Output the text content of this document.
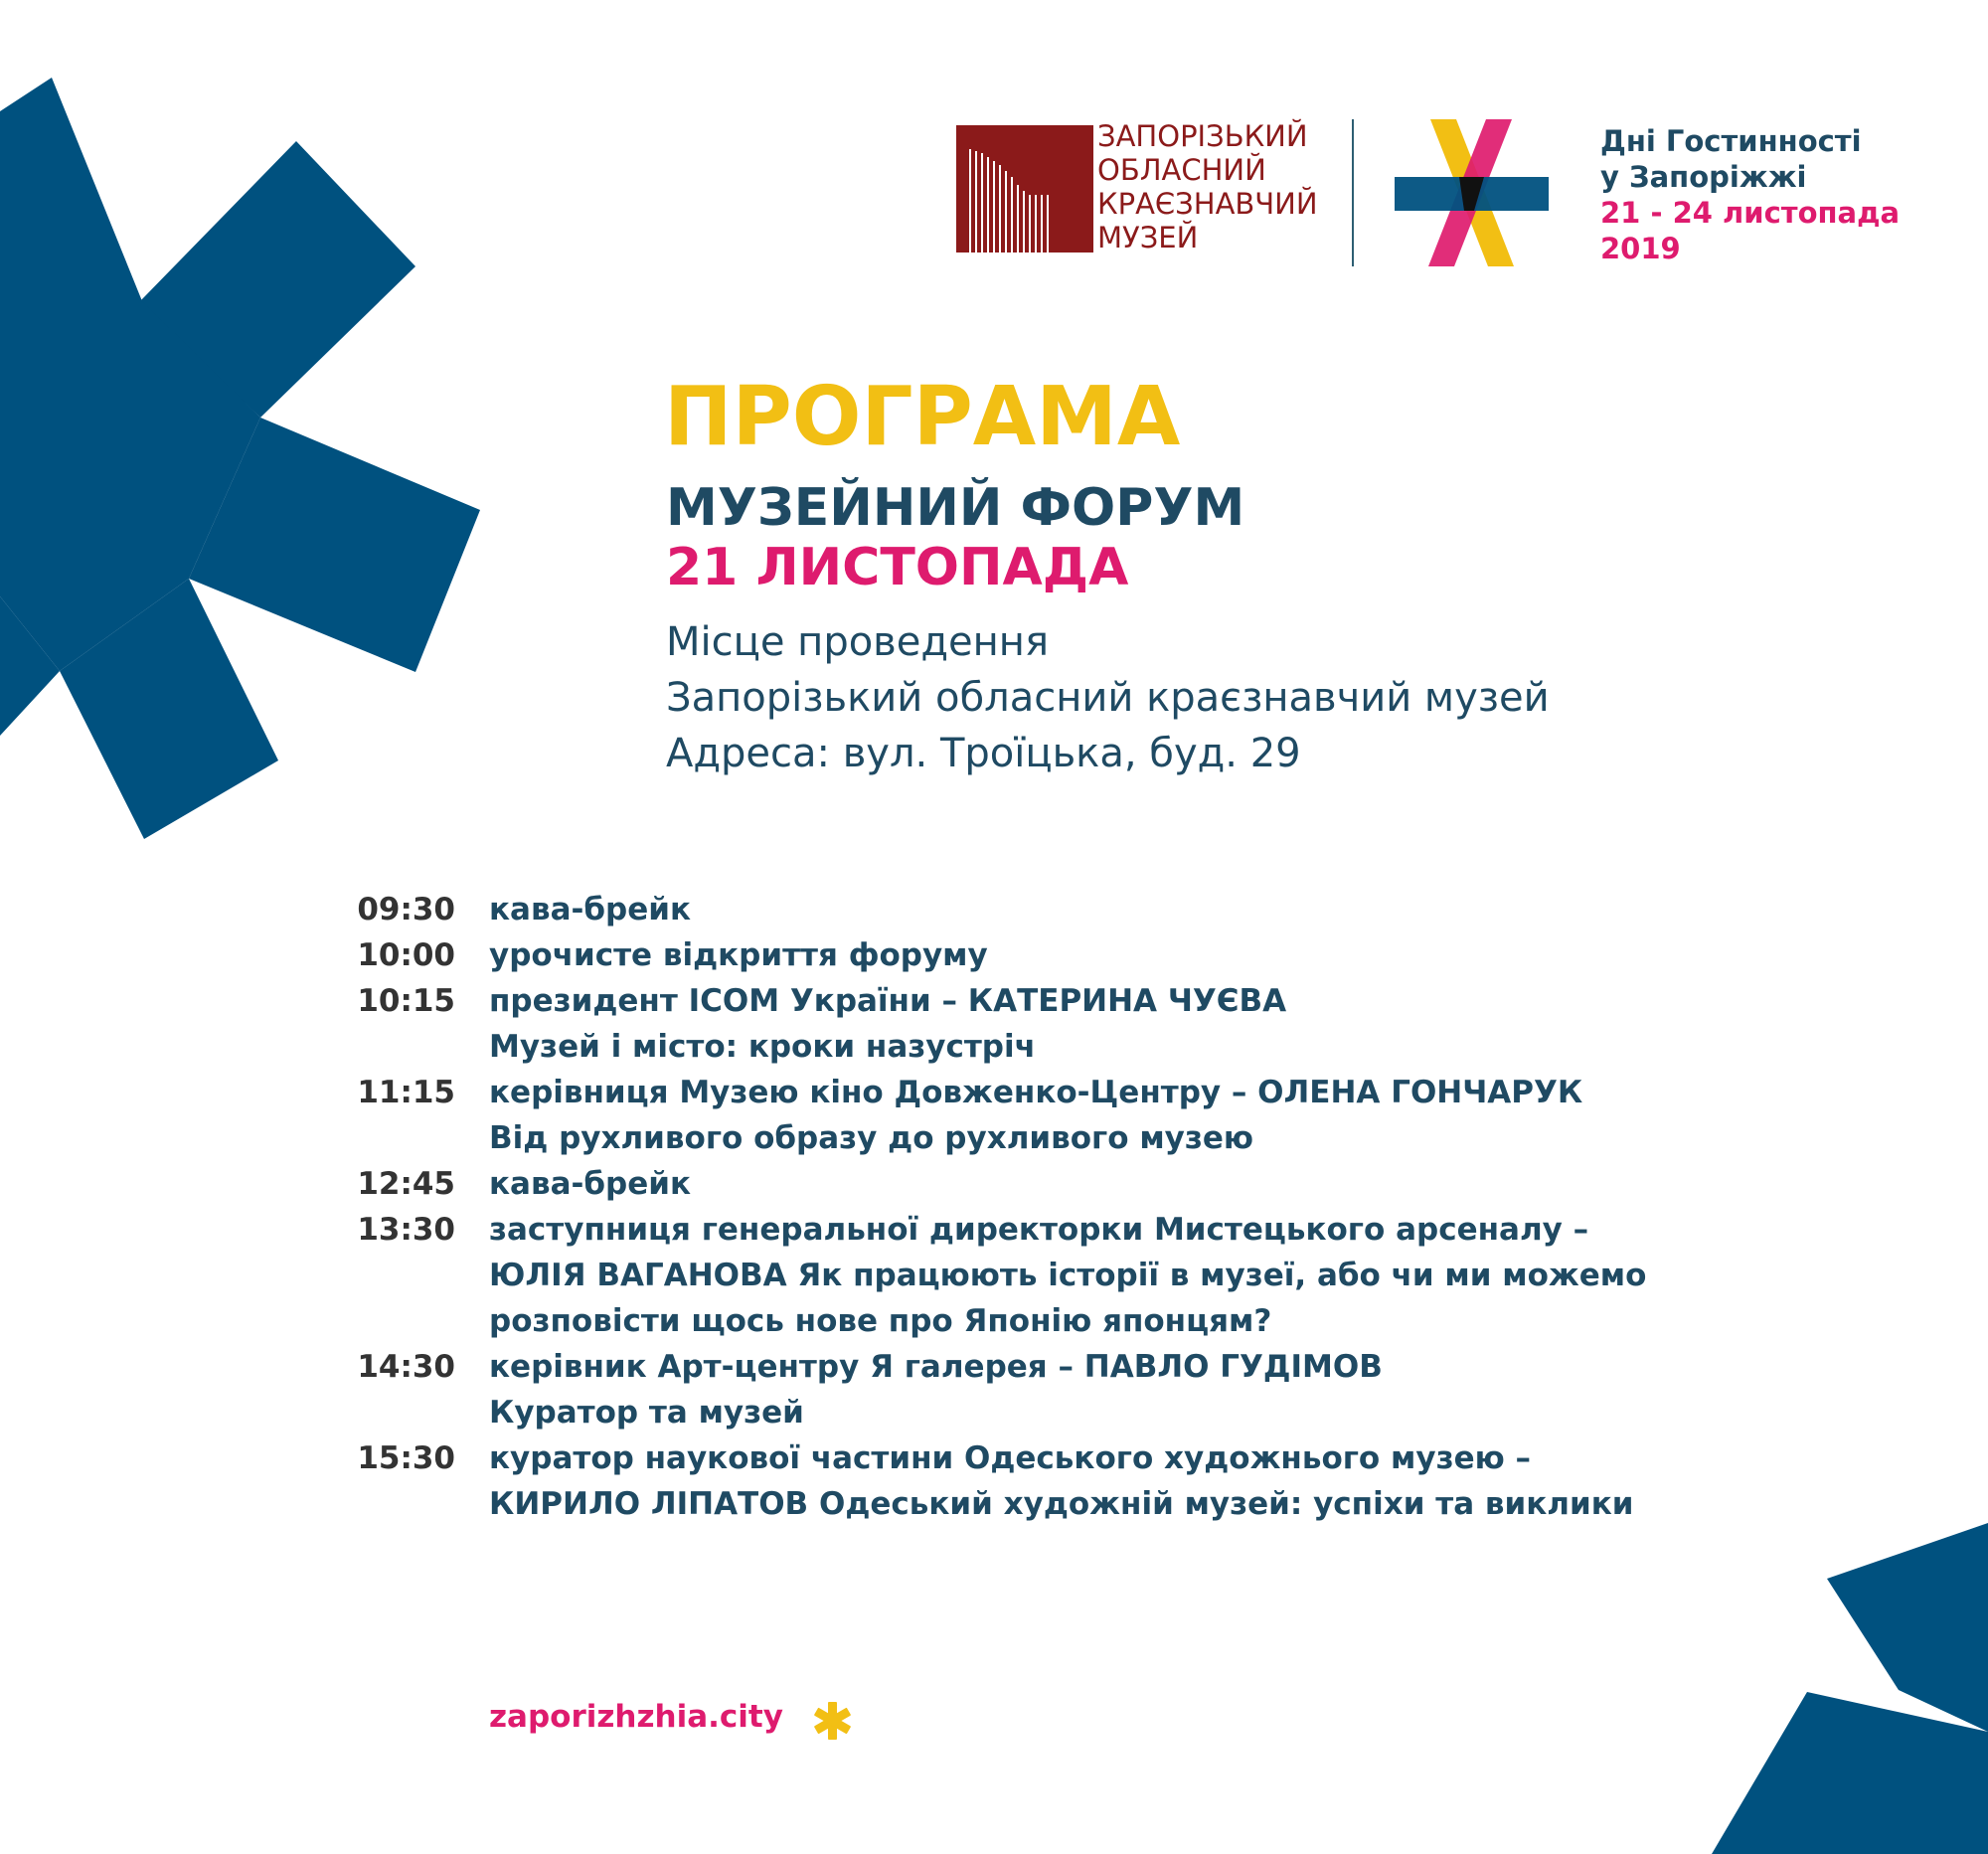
ЗАПОРІЗЬКИЙ
ОБЛАСНИЙ
КРАЄЗНАВЧИЙ
МУЗЕЙ
Дні Гостинності
у Запоріжжі
21 - 24 листопада
2019
ПРОГРАМА
МУЗЕЙНИЙ ФОРУМ
21 ЛИСТОПАДА
Місце проведення
Запорізький обласний краєзнавчий музей
Адреса: вул. Троїцька, буд. 29
09:30	кава-брейк
10:00	урочисте відкриття форуму
10:15	президент ICOM України – КАТЕРИНА ЧУЄВА
Музей і місто: кроки назустріч
11:15	керівниця Музею кіно Довженко-Центру – ОЛЕНА ГОНЧАРУК
Від рухливого образу до рухливого музею
12:45	кава-брейк
13:30	заступниця генеральної директорки Мистецького арсеналу –
ЮЛІЯ ВАГАНОВА Як працюють історії в музеї, або чи ми можемо
розповісти щось нове про Японію японцям?
14:30	керівник Арт-центру Я галерея – ПАВЛО ГУДІМОВ
Куратор та музей
15:30	куратор наукової частини Одеського художнього музею –
КИРИЛО ЛІПАТОВ Одеський художній музей: успіхи та виклики
zaporizhzhia.city
